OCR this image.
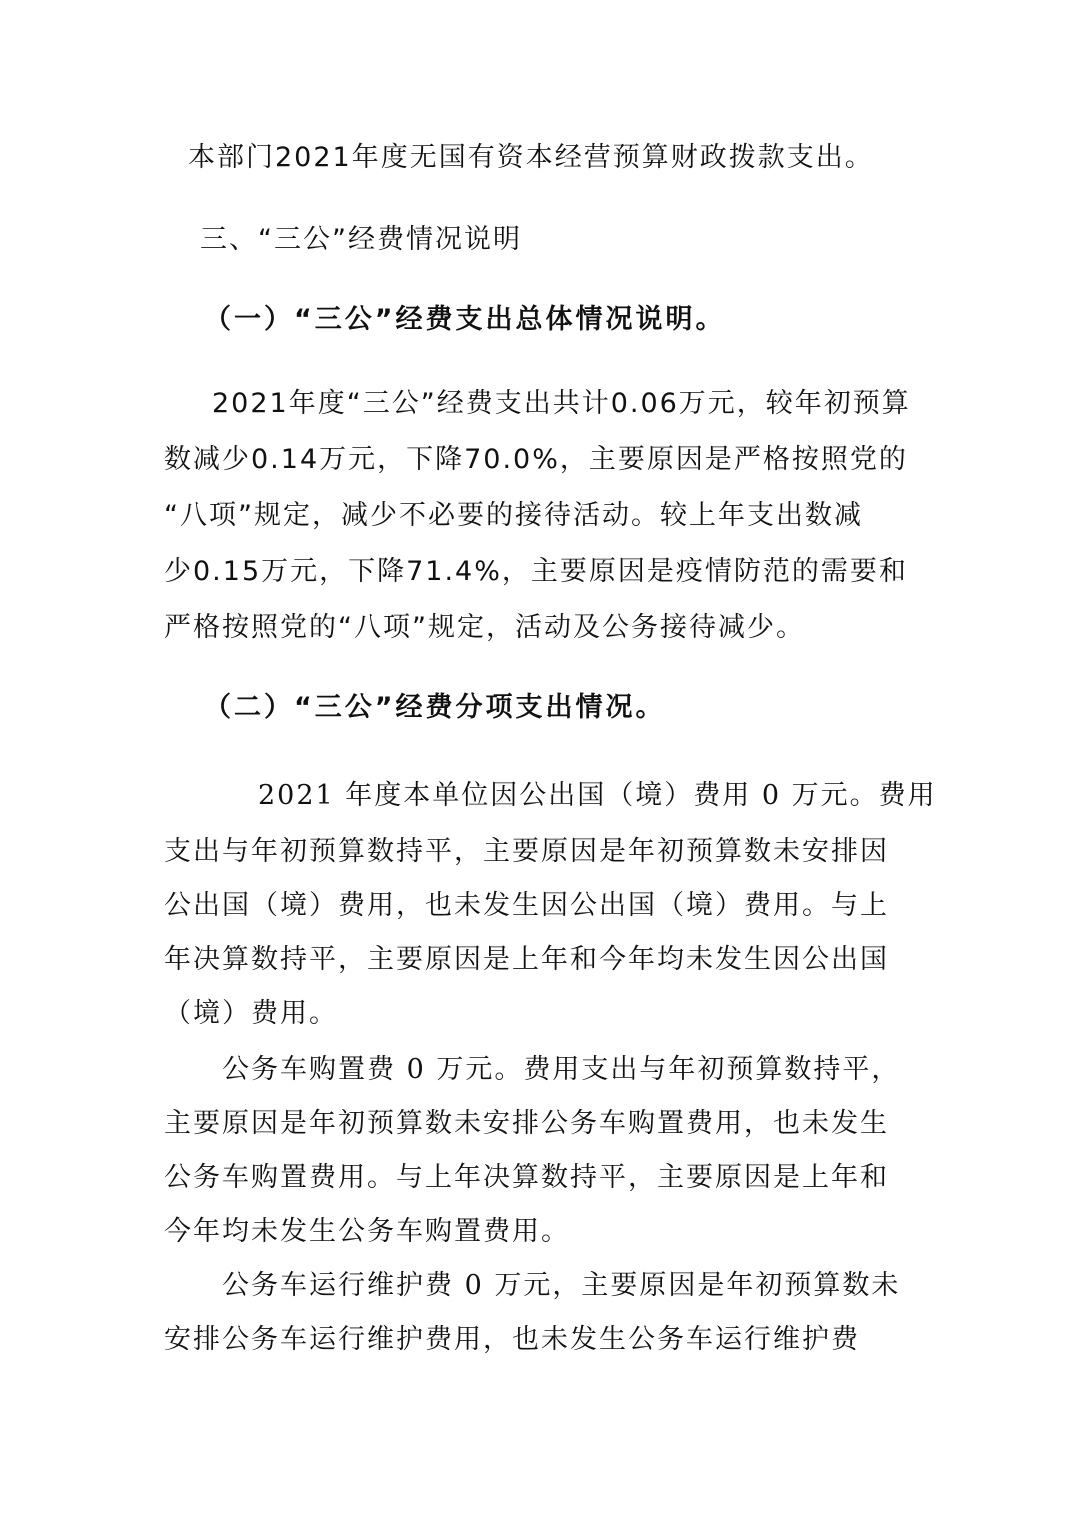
本部门2021年度无国有资本经营预算财政拨款支出。
三、“三公”经费情况说明
（一）“三公”经费支出总体情况说明。
2021年度“三公”经费支出共计0.06万元，较年初预算
数减少0.14万元，下降70.0%，主要原因是严格按照党的
“八项”规定，减少不必要的接待活动。较上年支出数减
少0.15万元，下降71.4%，主要原因是疫情防范的需要和
严格按照党的“八项”规定，活动及公务接待减少。
（二）“三公”经费分项支出情况。
2021 年度本单位因公出国（境）费用 0 万元。费用
支出与年初预算数持平，主要原因是年初预算数未安排因
公出国（境）费用，也未发生因公出国（境）费用。与上
年决算数持平，主要原因是上年和今年均未发生因公出国
（境）费用。
公务车购置费 0 万元。费用支出与年初预算数持平，
主要原因是年初预算数未安排公务车购置费用，也未发生
公务车购置费用。与上年决算数持平，主要原因是上年和
今年均未发生公务车购置费用。
公务车运行维护费 0 万元，主要原因是年初预算数未
安排公务车运行维护费用，也未发生公务车运行维护费
